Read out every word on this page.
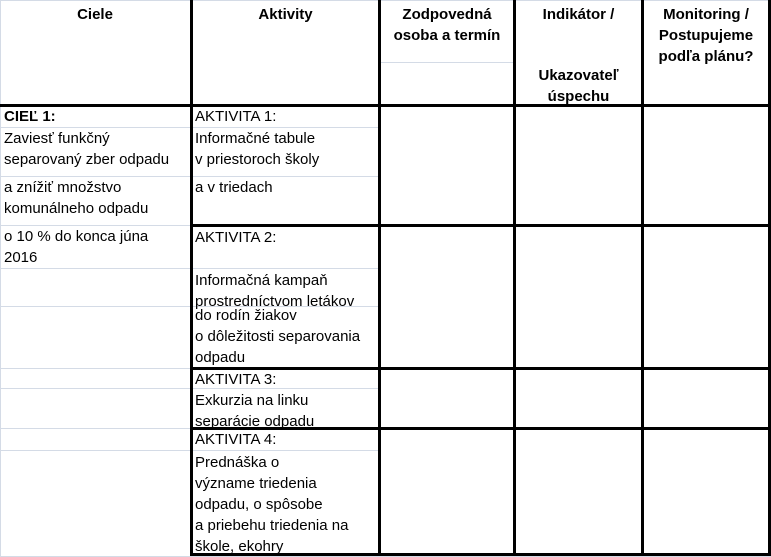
Ciele	Aktivity	Zodpovedná
osoba a termín
Indikátor /
Ukazovateľ
úspechu
Monitoring /
Postupujeme
podľa plánu?
CIEĽ 1:
Zaviesť funkčný
separovaný zber odpadu
a znížiť množstvo
komunálneho odpadu
o 10 % do konca júna
2016
AKTIVITA 1:
Informačné tabule
v priestoroch školy
a v triedach
AKTIVITA 2:
Informačná kampaň
prostredníctvom letákov
do rodín žiakov
o dôležitosti separovania
odpadu
AKTIVITA 3:
Exkurzia na linku
separácie odpadu
AKTIVITA 4:
Prednáška o
význame triedenia
odpadu, o spôsobe
a priebehu triedenia na
škole, ekohry
